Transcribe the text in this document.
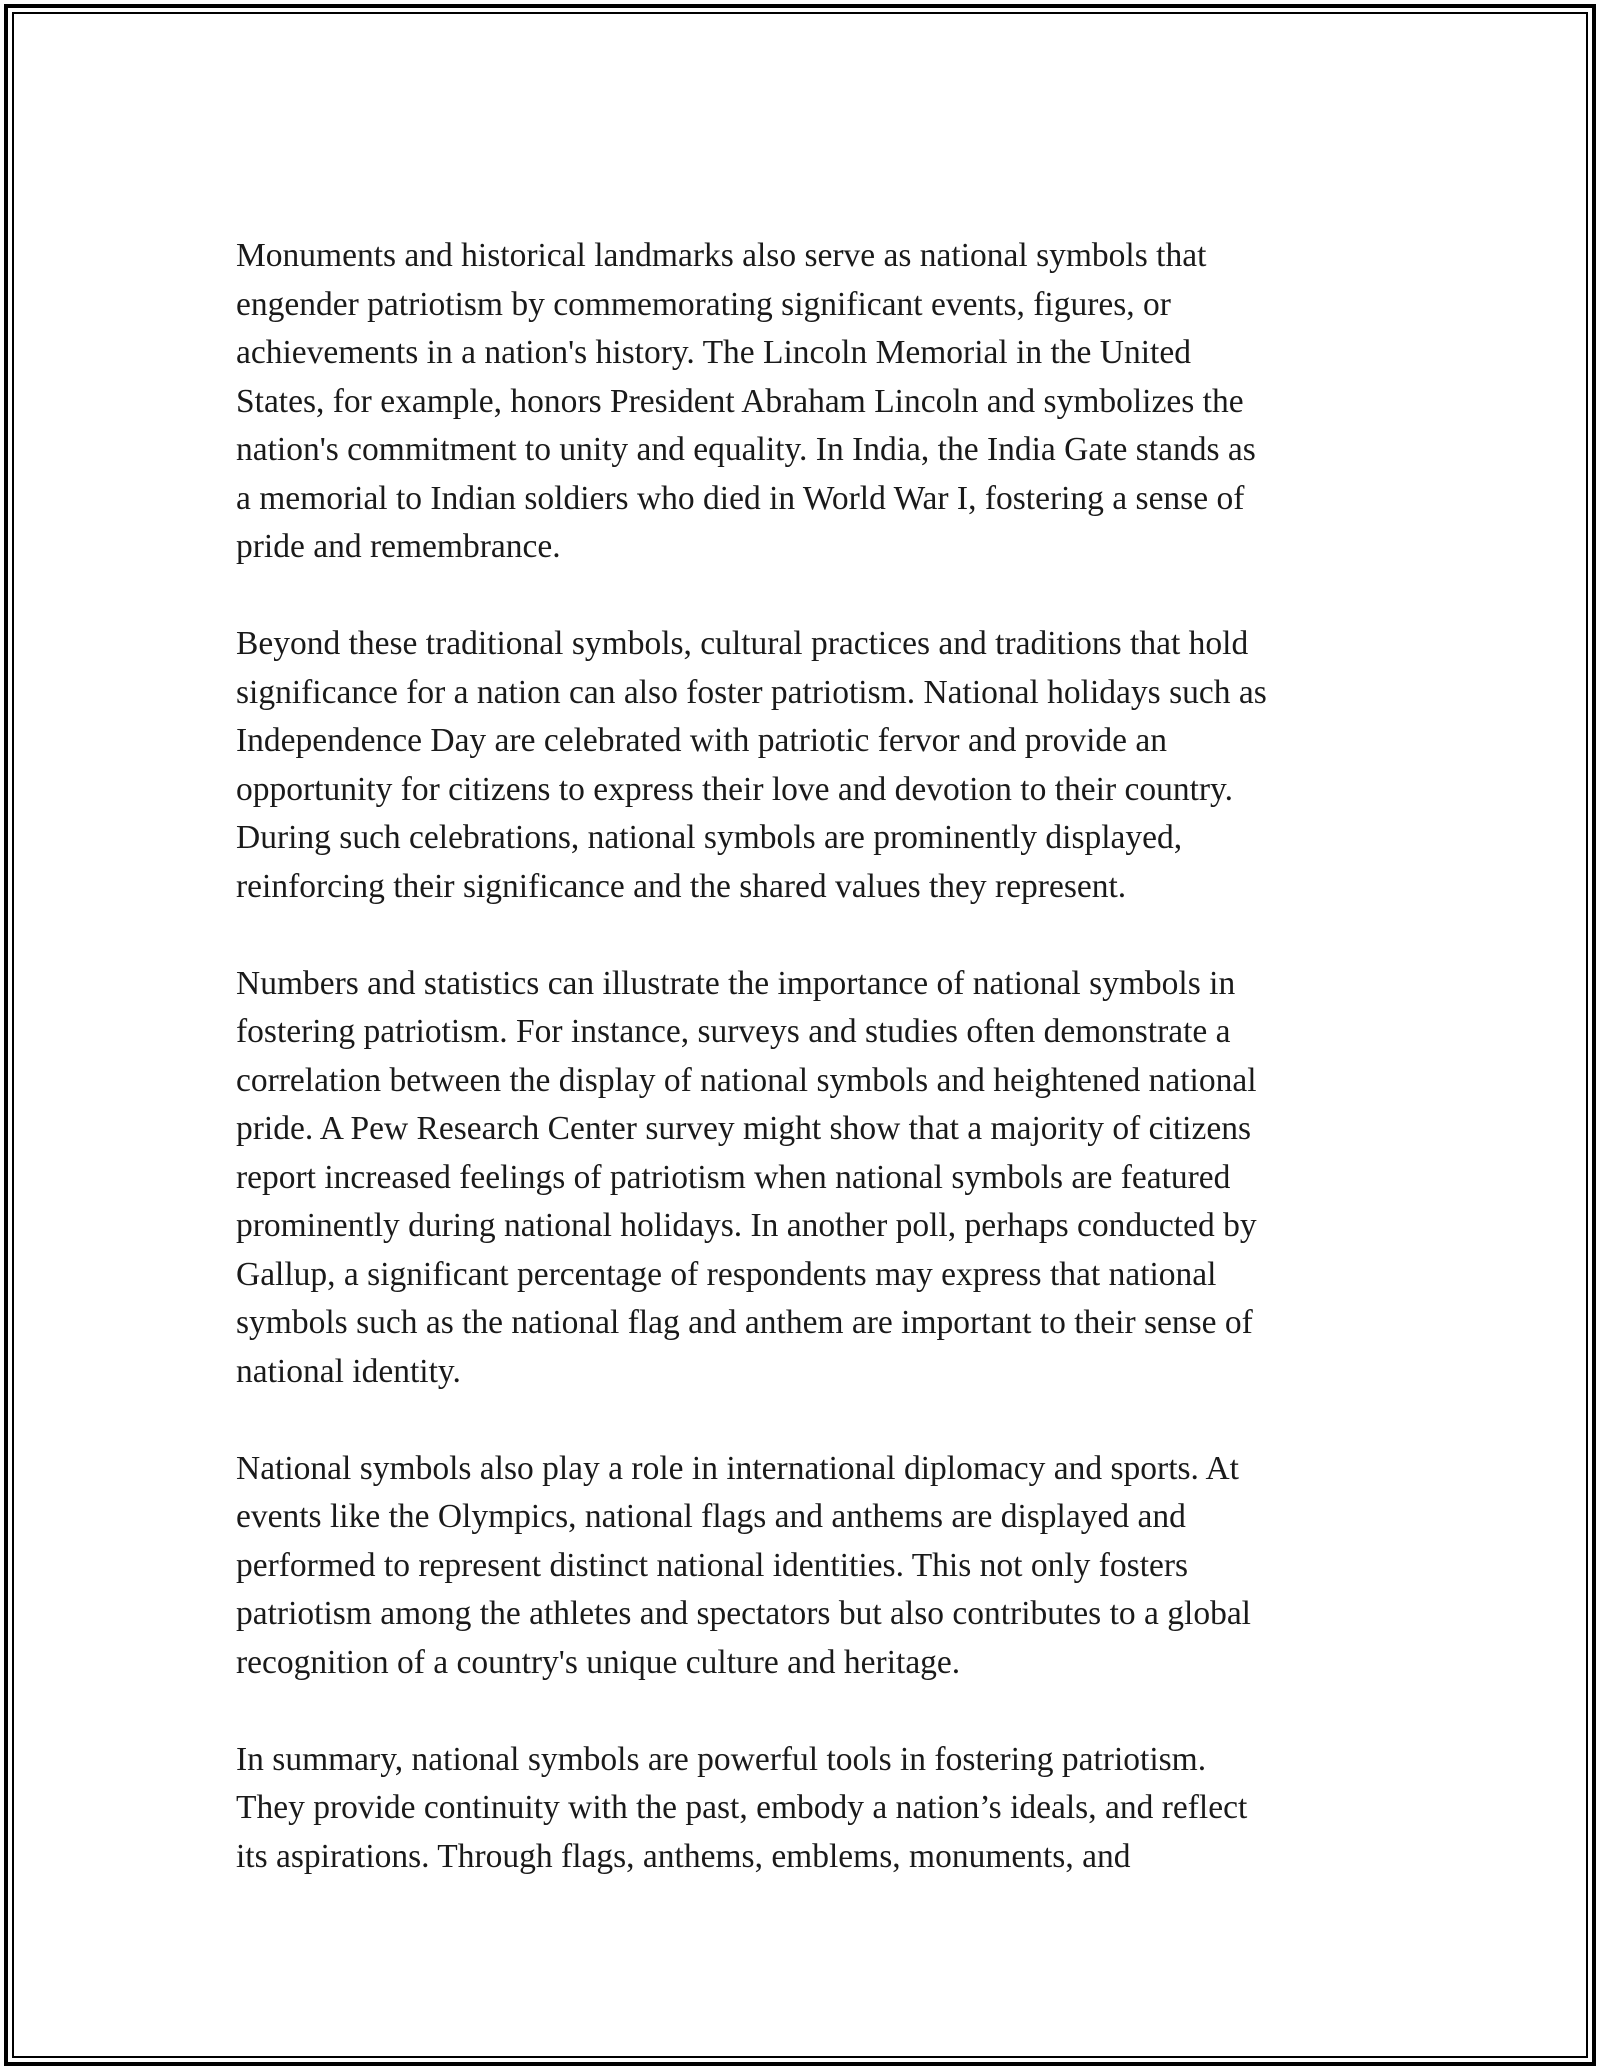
Monuments and historical landmarks also serve as national symbols that
engender patriotism by commemorating significant events, figures, or
achievements in a nation's history. The Lincoln Memorial in the United
States, for example, honors President Abraham Lincoln and symbolizes the
nation's commitment to unity and equality. In India, the India Gate stands as
a memorial to Indian soldiers who died in World War I, fostering a sense of
pride and remembrance.

Beyond these traditional symbols, cultural practices and traditions that hold
significance for a nation can also foster patriotism. National holidays such as
Independence Day are celebrated with patriotic fervor and provide an
opportunity for citizens to express their love and devotion to their country.
During such celebrations, national symbols are prominently displayed,
reinforcing their significance and the shared values they represent.

Numbers and statistics can illustrate the importance of national symbols in
fostering patriotism. For instance, surveys and studies often demonstrate a
correlation between the display of national symbols and heightened national
pride. A Pew Research Center survey might show that a majority of citizens
report increased feelings of patriotism when national symbols are featured
prominently during national holidays. In another poll, perhaps conducted by
Gallup, a significant percentage of respondents may express that national
symbols such as the national flag and anthem are important to their sense of
national identity.

National symbols also play a role in international diplomacy and sports. At
events like the Olympics, national flags and anthems are displayed and
performed to represent distinct national identities. This not only fosters
patriotism among the athletes and spectators but also contributes to a global
recognition of a country's unique culture and heritage.

In summary, national symbols are powerful tools in fostering patriotism.
They provide continuity with the past, embody a nation’s ideals, and reflect
its aspirations. Through flags, anthems, emblems, monuments, and
